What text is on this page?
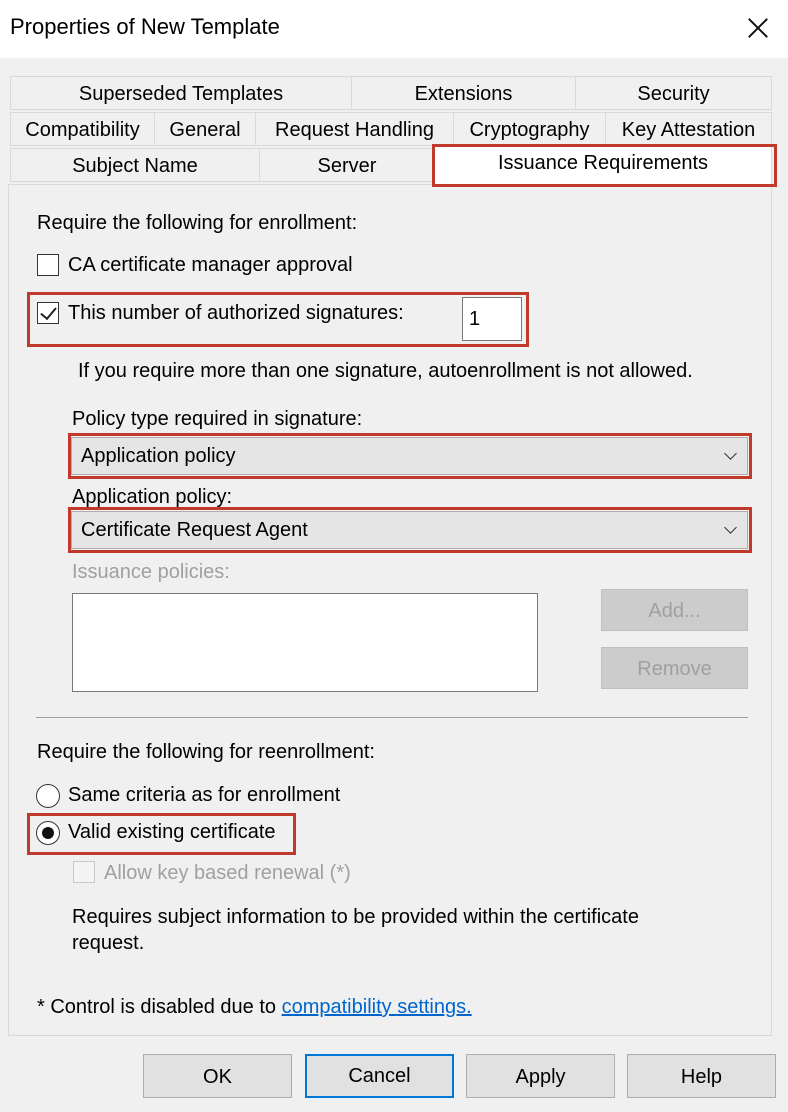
Properties of New Template
Superseded Templates	Extensions	Security
Compatibility	General	Request Handling	Cryptography	Key Attestation
Subject Name	Server	Issuance Requirements
Require the following for enrollment:
CA certificate manager approval
This number of authorized signatures:	1
If you require more than one signature, autoenrollment is not allowed.
Policy type required in signature:
Application policy
Application policy:
Certificate Request Agent
Issuance policies:
Add...
Remove
Require the following for reenrollment:
Same criteria as for enrollment
Valid existing certificate
Allow key based renewal (*)
Requires subject information to be provided within the certificate
request.
* Control is disabled due to compatibility settings.
OK	Cancel	Apply	Help
